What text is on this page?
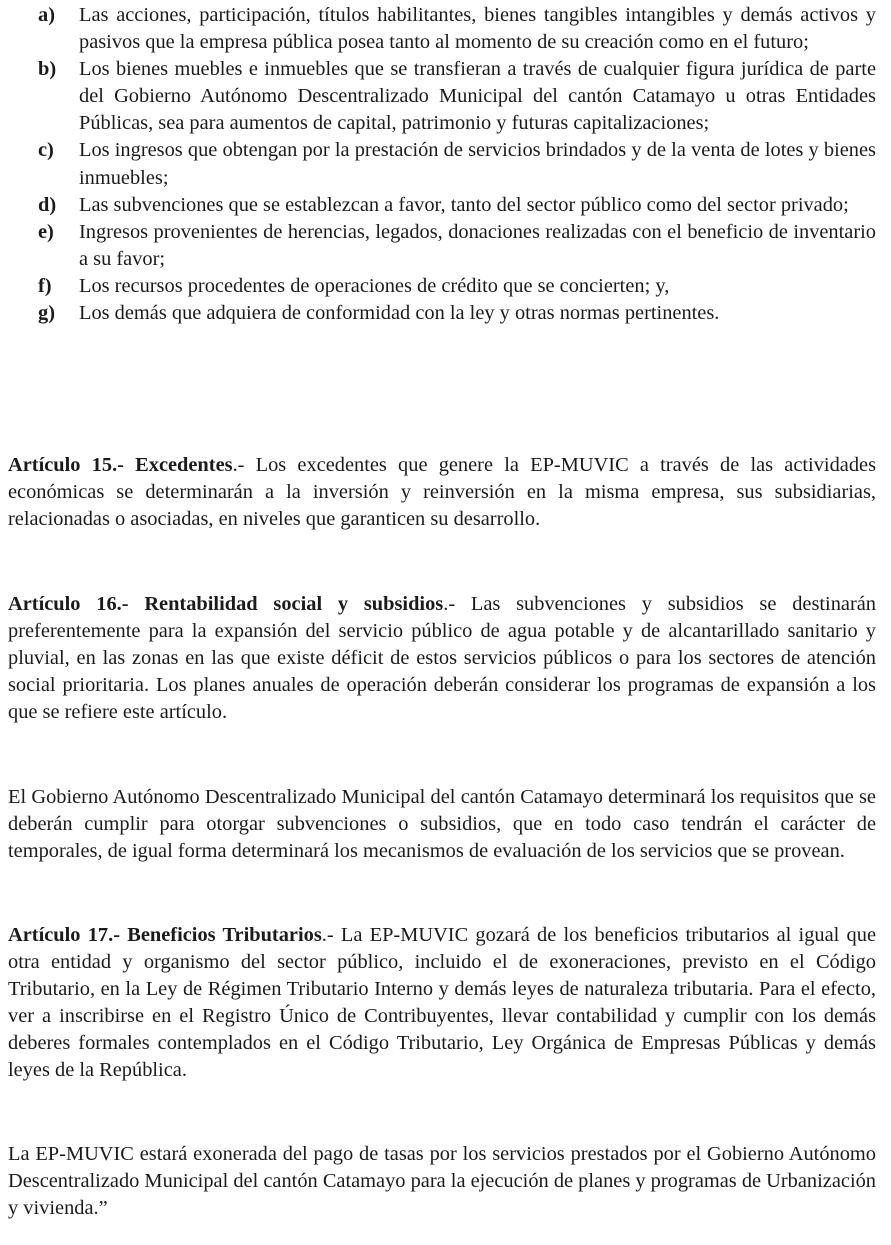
a)	Las acciones, participación, títulos habilitantes, bienes tangibles intangibles y demás activos y pasivos que la empresa pública posea tanto al momento de su creación como en el futuro;
b)	Los bienes muebles e inmuebles que se transfieran a través de cualquier figura jurídica de parte del Gobierno Autónomo Descentralizado Municipal del cantón Catamayo u otras Entidades Públicas, sea para aumentos de capital, patrimonio y futuras capitalizaciones;
c)	Los ingresos que obtengan por la prestación de servicios brindados y de la venta de lotes y bienes inmuebles;
d)	Las subvenciones que se establezcan a favor, tanto del sector público como del sector privado;
e)	Ingresos provenientes de herencias, legados, donaciones realizadas con el beneficio de inventario a su favor;
f)	Los recursos procedentes de operaciones de crédito que se concierten; y,
g)	Los demás que adquiera de conformidad con la ley y otras normas pertinentes.

Artículo 15.- Excedentes.- Los excedentes que genere la EP-MUVIC a través de las actividades económicas se determinarán a la inversión y reinversión en la misma empresa, sus subsidiarias, relacionadas o asociadas, en niveles que garanticen su desarrollo.

Artículo 16.- Rentabilidad social y subsidios.- Las subvenciones y subsidios se destinarán preferentemente para la expansión del servicio público de agua potable y de alcantarillado sanitario y pluvial, en las zonas en las que existe déficit de estos servicios públicos o para los sectores de atención social prioritaria. Los planes anuales de operación deberán considerar los programas de expansión a los que se refiere este artículo.

El Gobierno Autónomo Descentralizado Municipal del cantón Catamayo determinará los requisitos que se deberán cumplir para otorgar subvenciones o subsidios, que en todo caso tendrán el carácter de temporales, de igual forma determinará los mecanismos de evaluación de los servicios que se provean.

Artículo 17.- Beneficios Tributarios.- La EP-MUVIC gozará de los beneficios tributarios al igual que otra entidad y organismo del sector público, incluido el de exoneraciones, previsto en el Código Tributario, en la Ley de Régimen Tributario Interno y demás leyes de naturaleza tributaria. Para el efecto, ver a inscribirse en el Registro Único de Contribuyentes, llevar contabilidad y cumplir con los demás deberes formales contemplados en el Código Tributario, Ley Orgánica de Empresas Públicas y demás leyes de la República.

La EP-MUVIC estará exonerada del pago de tasas por los servicios prestados por el Gobierno Autónomo Descentralizado Municipal del cantón Catamayo para la ejecución de planes y programas de Urbanización y vivienda.”
